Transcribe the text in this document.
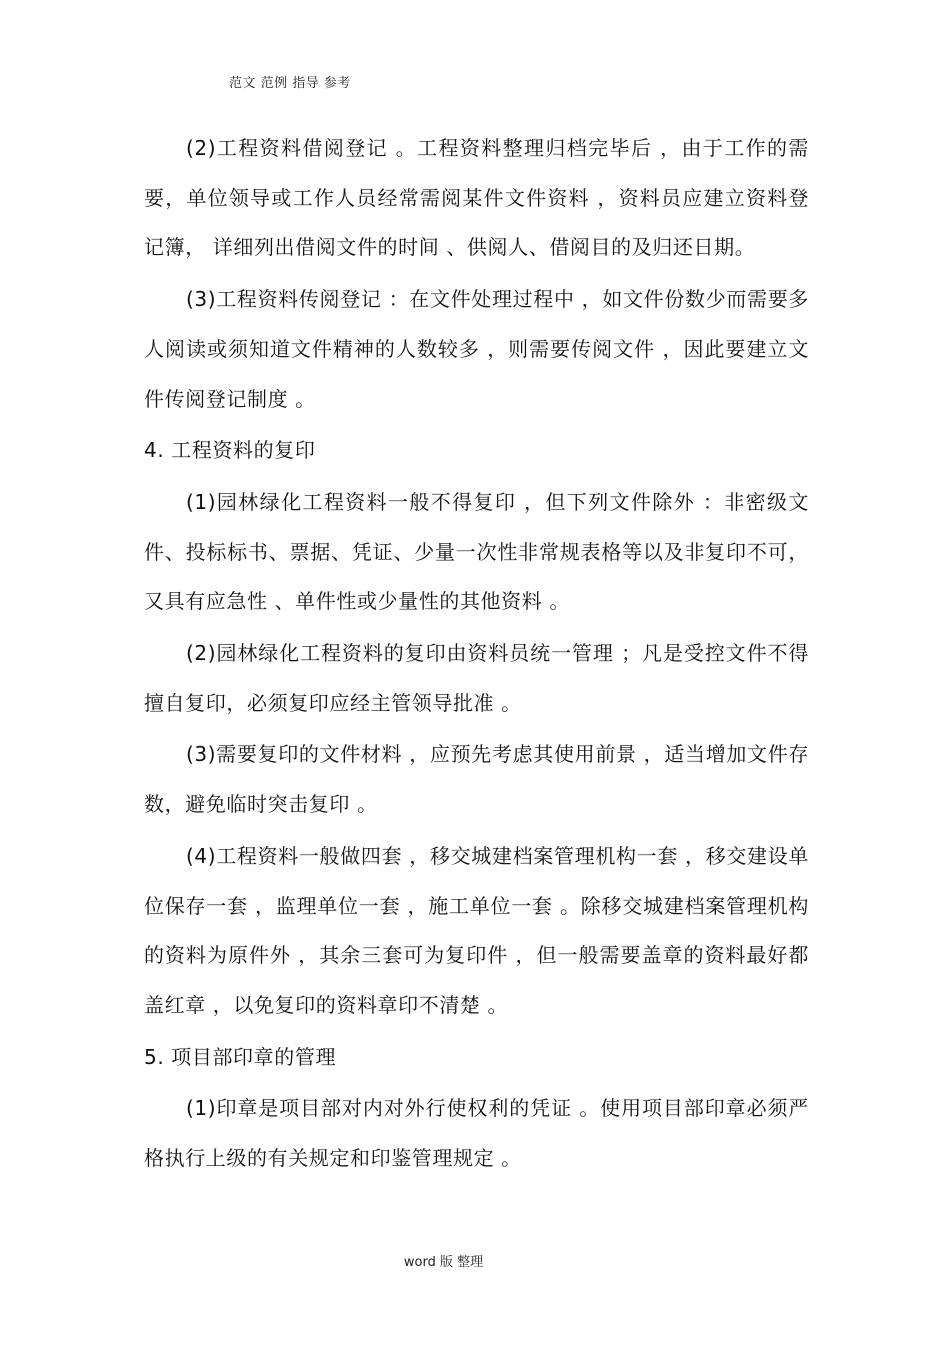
范文 范例 指导 参考

(2)工程资料借阅登记 。工程资料整理归档完毕后 ，由于工作的需要，单位领导或工作人员经常需阅某件文件资料 ，资料员应建立资料登记簿， 详细列出借阅文件的时间 、供阅人、借阅目的及归还日期。

(3)工程资料传阅登记 ：在文件处理过程中 ，如文件份数少而需要多人阅读或须知道文件精神的人数较多 ，则需要传阅文件 ，因此要建立文件传阅登记制度 。

4. 工程资料的复印

(1)园林绿化工程资料一般不得复印 ，但下列文件除外 ：非密级文件、投标标书、票据、凭证、少量一次性非常规表格等以及非复印不可，又具有应急性 、单件性或少量性的其他资料 。

(2)园林绿化工程资料的复印由资料员统一管理 ；凡是受控文件不得擅自复印，必须复印应经主管领导批准 。

(3)需要复印的文件材料 ，应预先考虑其使用前景 ，适当增加文件存数，避免临时突击复印 。

(4)工程资料一般做四套 ，移交城建档案管理机构一套 ，移交建设单位保存一套 ，监理单位一套 ，施工单位一套 。除移交城建档案管理机构的资料为原件外 ，其余三套可为复印件 ，但一般需要盖章的资料最好都盖红章 ，以免复印的资料章印不清楚 。

5. 项目部印章的管理

(1)印章是项目部对内对外行使权利的凭证 。使用项目部印章必须严格执行上级的有关规定和印鉴管理规定 。

word 版 整理
